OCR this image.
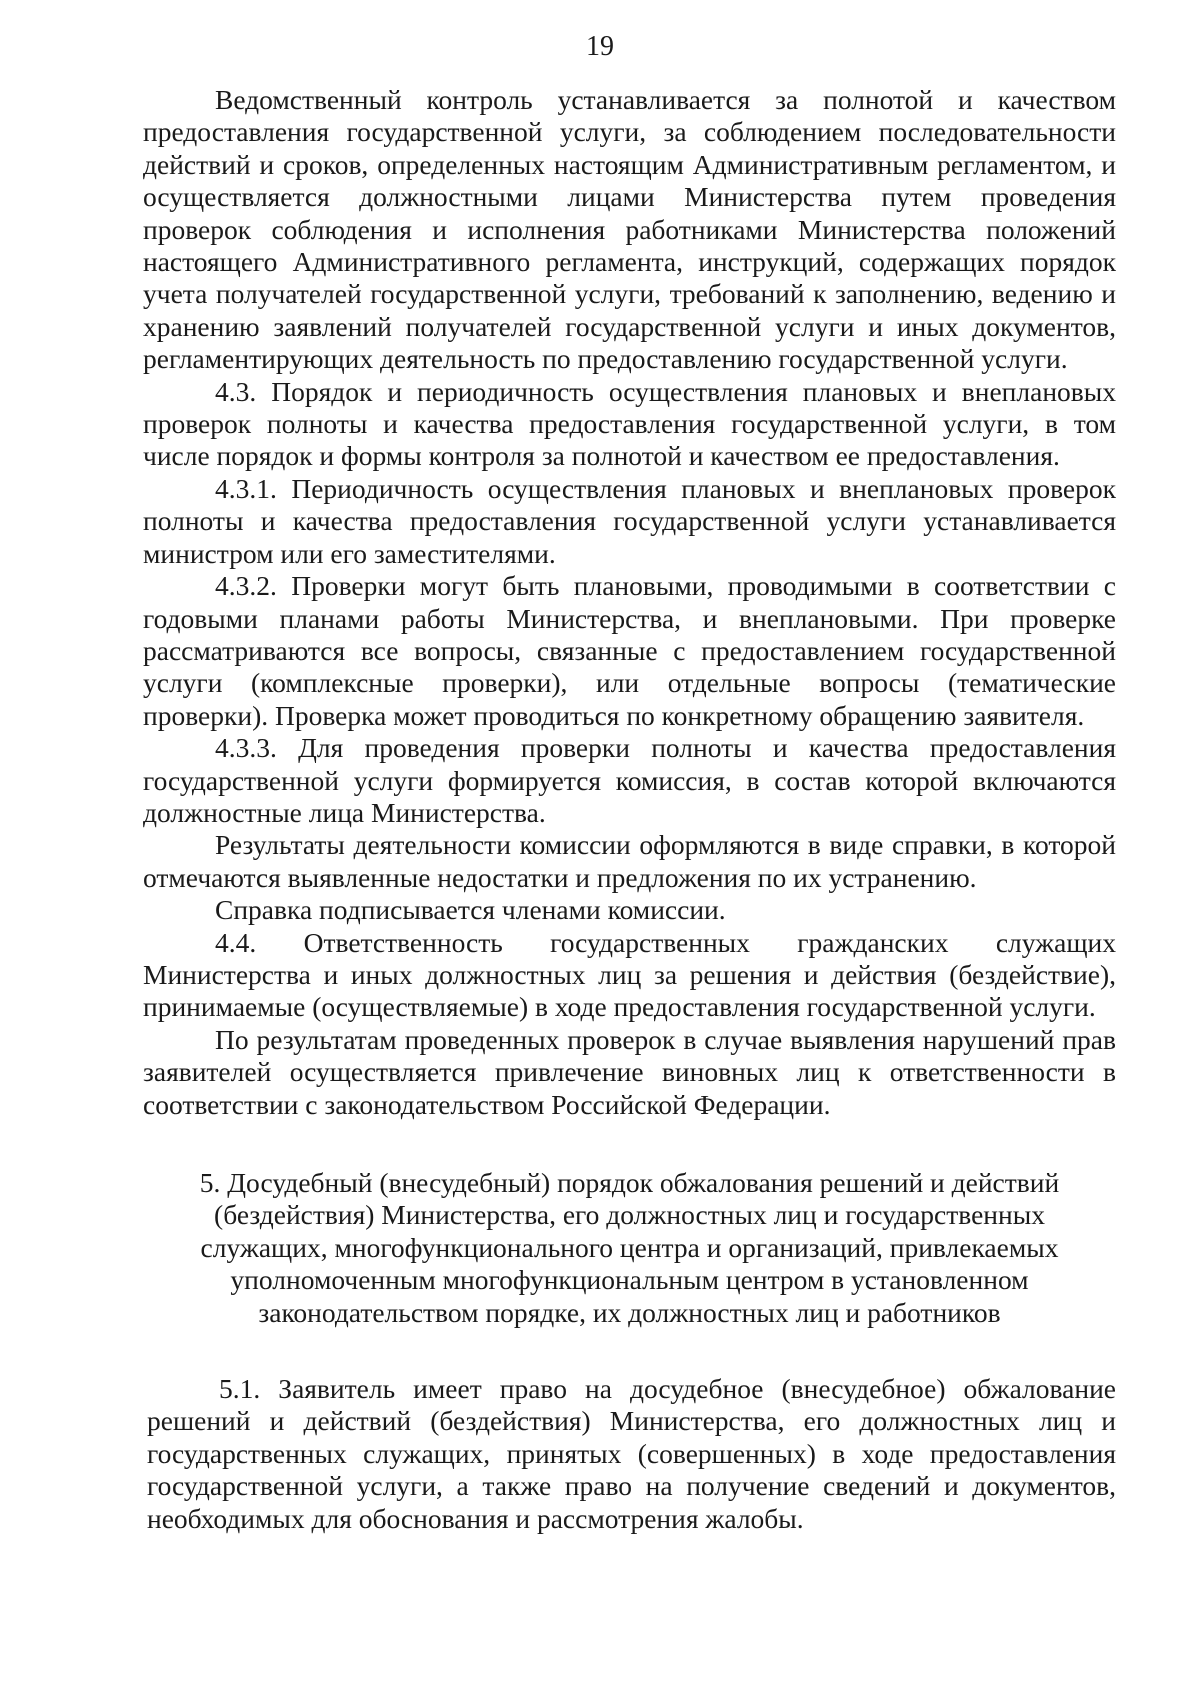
19

Ведомственный контроль устанавливается за полнотой и качеством предоставления государственной услуги, за соблюдением последовательности действий и сроков, определенных настоящим Административным регламентом, и осуществляется должностными лицами Министерства путем проведения проверок соблюдения и исполнения работниками Министерства положений настоящего Административного регламента, инструкций, содержащих порядок учета получателей государственной услуги, требований к заполнению, ведению и хранению заявлений получателей государственной услуги и иных документов, регламентирующих деятельность по предоставлению государственной услуги.

4.3. Порядок и периодичность осуществления плановых и внеплановых проверок полноты и качества предоставления государственной услуги, в том числе порядок и формы контроля за полнотой и качеством ее предоставления.

4.3.1. Периодичность осуществления плановых и внеплановых проверок полноты и качества предоставления государственной услуги устанавливается министром или его заместителями.

4.3.2. Проверки могут быть плановыми, проводимыми в соответствии с годовыми планами работы Министерства, и внеплановыми. При проверке рассматриваются все вопросы, связанные с предоставлением государственной услуги (комплексные проверки), или отдельные вопросы (тематические проверки). Проверка может проводиться по конкретному обращению заявителя.

4.3.3. Для проведения проверки полноты и качества предоставления государственной услуги формируется комиссия, в состав которой включаются должностные лица Министерства.

Результаты деятельности комиссии оформляются в виде справки, в которой отмечаются выявленные недостатки и предложения по их устранению.

Справка подписывается членами комиссии.

4.4. Ответственность государственных гражданских служащих Министерства и иных должностных лиц за решения и действия (бездействие), принимаемые (осуществляемые) в ходе предоставления государственной услуги.

По результатам проведенных проверок в случае выявления нарушений прав заявителей осуществляется привлечение виновных лиц к ответственности в соответствии с законодательством Российской Федерации.

5. Досудебный (внесудебный) порядок обжалования решений и действий
(бездействия) Министерства, его должностных лиц и государственных
служащих, многофункционального центра и организаций, привлекаемых
уполномоченным многофункциональным центром в установленном
законодательством порядке, их должностных лиц и работников

5.1. Заявитель имеет право на досудебное (внесудебное) обжалование решений и действий (бездействия) Министерства, его должностных лиц и государственных служащих, принятых (совершенных) в ходе предоставления государственной услуги, а также право на получение сведений и документов, необходимых для обоснования и рассмотрения жалобы.
